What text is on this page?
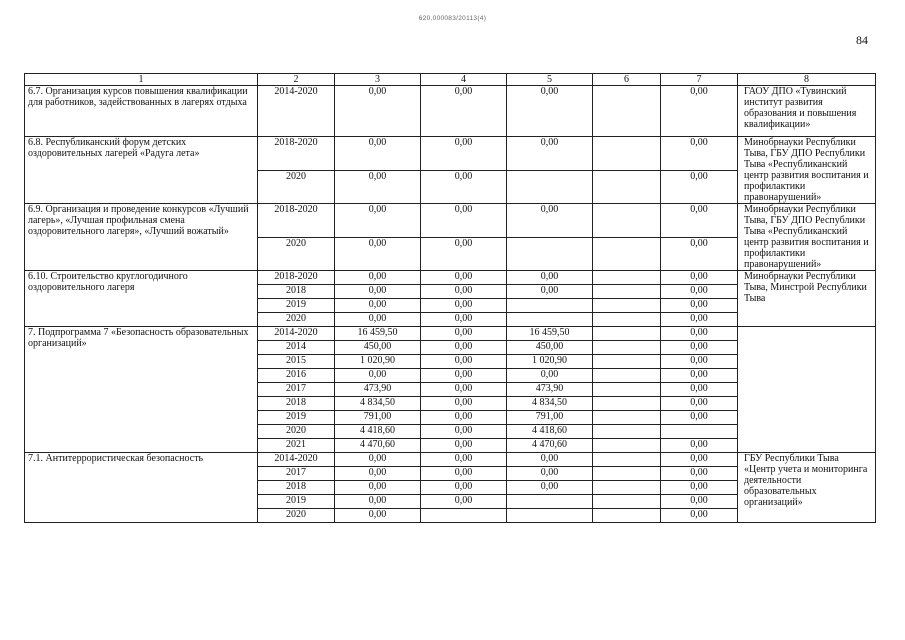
620.000083/20113(4)
84
1	2	3	4	5	6	7	8
6.7. Организация курсов повышения квалификации для работников, задействованных в лагерях отдыха	2014-2020	0,00	0,00	0,00		0,00	ГАОУ ДПО «Тувинский институт развития образования и повышения квалификации»
6.8. Республиканский форум детских оздоровительных лагерей «Радуга лета»	2018-2020	0,00	0,00	0,00		0,00	Минобрнауки Республики Тыва, ГБУ ДПО Республики Тыва «Республиканский центр развития воспитания и профилактики правонарушений»
	2020	0,00	0,00			0,00	
6.9. Организация и проведение конкурсов «Лучший лагерь», «Лучшая профильная смена оздоровительного лагеря», «Лучший вожатый»	2018-2020	0,00	0,00	0,00		0,00	Минобрнауки Республики Тыва, ГБУ ДПО Республики Тыва «Республиканский центр развития воспитания и профилактики правонарушений»
	2020	0,00	0,00			0,00	
6.10. Строительство круглогодичного оздоровительного лагеря	2018-2020	0,00	0,00	0,00		0,00	Минобрнауки Республики Тыва, Минстрой Республики Тыва
	2018	0,00	0,00	0,00		0,00	
	2019	0,00	0,00			0,00	
	2020	0,00	0,00			0,00	
7. Подпрограмма 7 «Безопасность образовательных организаций»	2014-2020	16 459,50	0,00	16 459,50		0,00	
	2014	450,00	0,00	450,00		0,00	
	2015	1 020,90	0,00	1 020,90		0,00	
	2016	0,00	0,00	0,00		0,00	
	2017	473,90	0,00	473,90		0,00	
	2018	4 834,50	0,00	4 834,50		0,00	
	2019	791,00	0,00	791,00		0,00	
	2020	4 418,60	0,00	4 418,60			
	2021	4 470,60	0,00	4 470,60		0,00	
7.1. Антитеррористическая безопасность	2014-2020	0,00	0,00	0,00		0,00	ГБУ Республики Тыва «Центр учета и мониторинга деятельности образовательных организаций»
	2017	0,00	0,00	0,00		0,00	
	2018	0,00	0,00	0,00		0,00	
	2019	0,00	0,00			0,00	
	2020	0,00				0,00	
